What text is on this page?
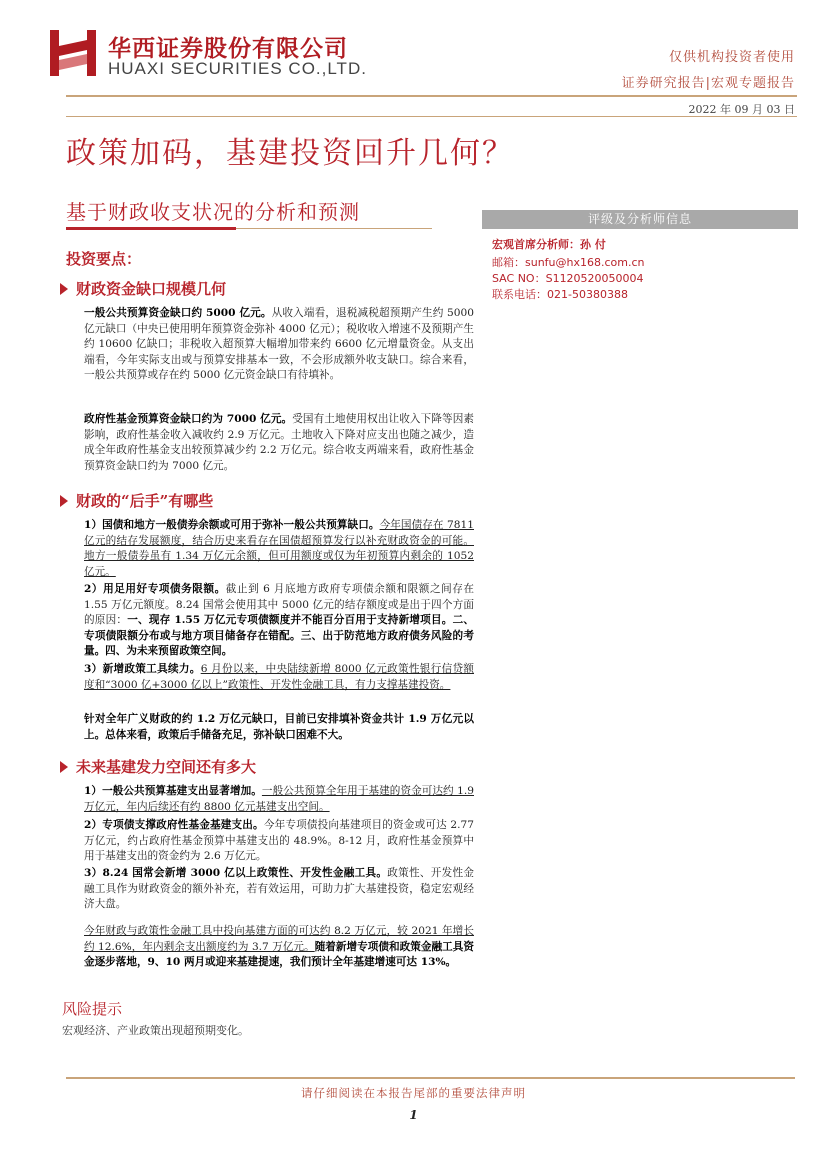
华西证券股份有限公司
HUAXI SECURITIES CO.,LTD.
仅供机构投资者使用
证券研究报告|宏观专题报告
2022 年 09 月 03 日
政策加码，基建投资回升几何？
基于财政收支状况的分析和预测	评级及分析师信息
宏观首席分析师：孙 付
邮箱：sunfu@hx168.com.cn
SAC NO：S1120520050004
联系电话：021-50380388
投资要点：
财政资金缺口规模几何
一般公共预算资金缺口约 5000 亿元。从收入端看，退税减税超预期产生约 5000 亿元缺口（中央已使用明年预算资金弥补 4000 亿元）；税收收入增速不及预期产生约 10600 亿缺口；非税收入超预算大幅增加带来约 6600 亿元增量资金。从支出端看，今年实际支出或与预算安排基本一致，不会形成额外收支缺口。综合来看，一般公共预算或存在约 5000 亿元资金缺口有待填补。
政府性基金预算资金缺口约为 7000 亿元。受国有土地使用权出让收入下降等因素影响，政府性基金收入减收约 2.9 万亿元。土地收入下降对应支出也随之减少，造成全年政府性基金支出较预算减少约 2.2 万亿元。综合收支两端来看，政府性基金预算资金缺口约为 7000 亿元。
财政的“后手”有哪些
1）国债和地方一般债券余额或可用于弥补一般公共预算缺口。今年国债存在 7811 亿元的结存发展额度，结合历史来看存在国债超预算发行以补充财政资金的可能。地方一般债券虽有 1.34 万亿元余额，但可用额度或仅为年初预算内剩余的 1052 亿元。
2）用足用好专项债务限额。截止到 6 月底地方政府专项债余额和限额之间存在 1.55 万亿元额度。8.24 国常会使用其中 5000 亿元的结存额度或是出于四个方面的原因：一、现存 1.55 万亿元专项债额度并不能百分百用于支持新增项目。二、专项债限额分布或与地方项目储备存在错配。三、出于防范地方政府债务风险的考量。四、为未来预留政策空间。
3）新增政策工具续力。6 月份以来，中央陆续新增 8000 亿元政策性银行信贷额度和“3000 亿+3000 亿以上”政策性、开发性金融工具，有力支撑基建投资。
针对全年广义财政的约 1.2 万亿元缺口，目前已安排填补资金共计 1.9 万亿元以上。总体来看，政策后手储备充足，弥补缺口困难不大。
未来基建发力空间还有多大
1）一般公共预算基建支出显著增加。一般公共预算全年用于基建的资金可达约 1.9 万亿元，年内后续还有约 8800 亿元基建支出空间。
2）专项债支撑政府性基金基建支出。今年专项债投向基建项目的资金或可达 2.77 万亿元，约占政府性基金预算中基建支出的 48.9%。8-12 月，政府性基金预算中用于基建支出的资金约为 2.6 万亿元。
3）8.24 国常会新增 3000 亿以上政策性、开发性金融工具。政策性、开发性金融工具作为财政资金的额外补充，若有效运用，可助力扩大基建投资，稳定宏观经济大盘。
今年财政与政策性金融工具中投向基建方面的可达约 8.2 万亿元，较 2021 年增长约 12.6%，年内剩余支出额度约为 3.7 万亿元。随着新增专项债和政策金融工具资金逐步落地，9、10 两月或迎来基建提速，我们预计全年基建增速可达 13%。
风险提示
宏观经济、产业政策出现超预期变化。
请仔细阅读在本报告尾部的重要法律声明
1
